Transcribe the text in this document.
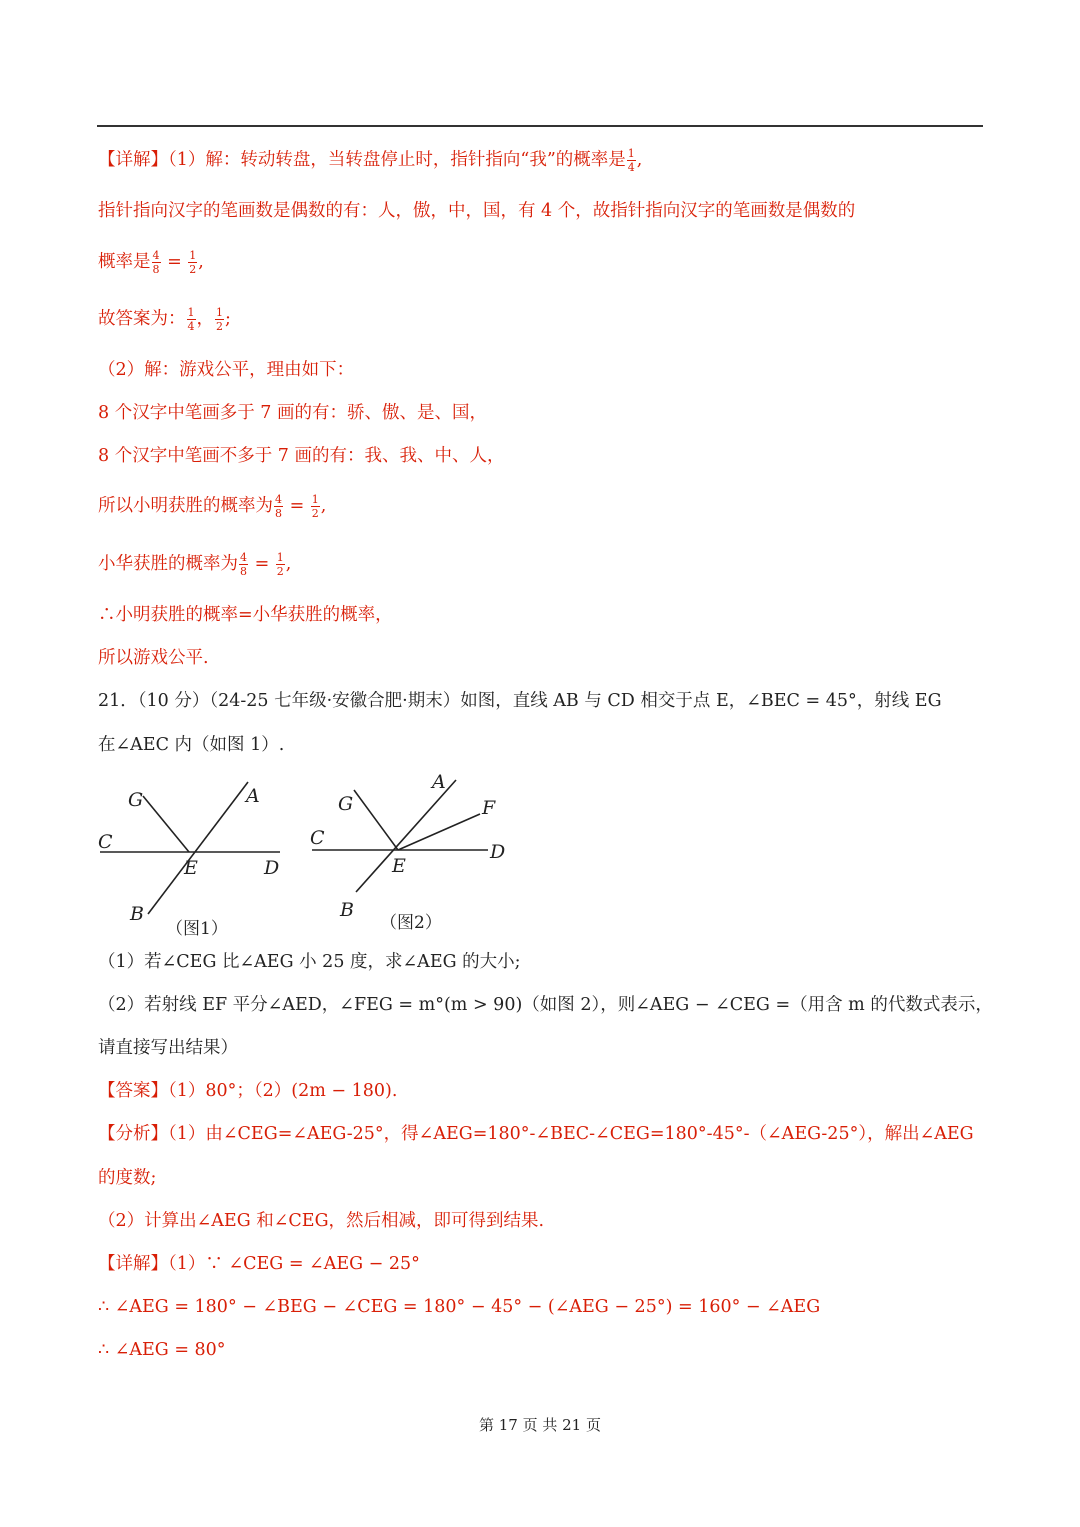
【详解】（1）解：转动转盘，当转盘停止时，指针指向“我”的概率是 $\frac{1}{4}$ ,
指针指向汉字的笔画数是偶数的有：人，傲，中，国，有 4 个，故指针指向汉字的笔画数是偶数的
概率是 $\frac{4}{8} = \frac{1}{2}$ ,
故答案为： $\frac{1}{4}$ ， $\frac{1}{2}$ ;
（2）解：游戏公平，理由如下：
8 个汉字中笔画多于 7 画的有：骄、傲、是、国，
8 个汉字中笔画不多于 7 画的有：我、我、中、人，
所以小明获胜的概率为 $\frac{4}{8} = \frac{1}{2}$ ,
小华获胜的概率为 $\frac{4}{8} = \frac{1}{2}$ ,
∴小明获胜的概率=小华获胜的概率，
所以游戏公平.
21．（10 分）（24-25 七年级·安徽合肥·期末）如图，直线 AB 与 CD 相交于点 E，∠BEC = 45°，射线 EG
在∠AEC 内（如图 1）.
G	A
C
E	D
B
（图1）
G
A
F
C
E
D
B
（图2）
（1）若∠CEG 比∠AEG 小 25 度，求∠AEG 的大小;
（2）若射线 EF 平分∠AED，∠FEG = m°(m > 90)（如图 2），则∠AEG − ∠CEG =（用含 m 的代数式表示，
请直接写出结果）
【答案】（1）80°；（2）(2m − 180).
【分析】（1）由∠CEG=∠AEG-25°，得∠AEG=180°-∠BEC-∠CEG=180°-45°-（∠AEG-25°），解出∠AEG
的度数;
（2）计算出∠AEG 和∠CEG，然后相减，即可得到结果.
【详解】（1）∵ ∠CEG = ∠AEG − 25°
∴ ∠AEG = 180° − ∠BEG − ∠CEG = 180° − 45° − (∠AEG − 25°) = 160° − ∠AEG
∴ ∠AEG = 80°
第 17 页 共 21 页
